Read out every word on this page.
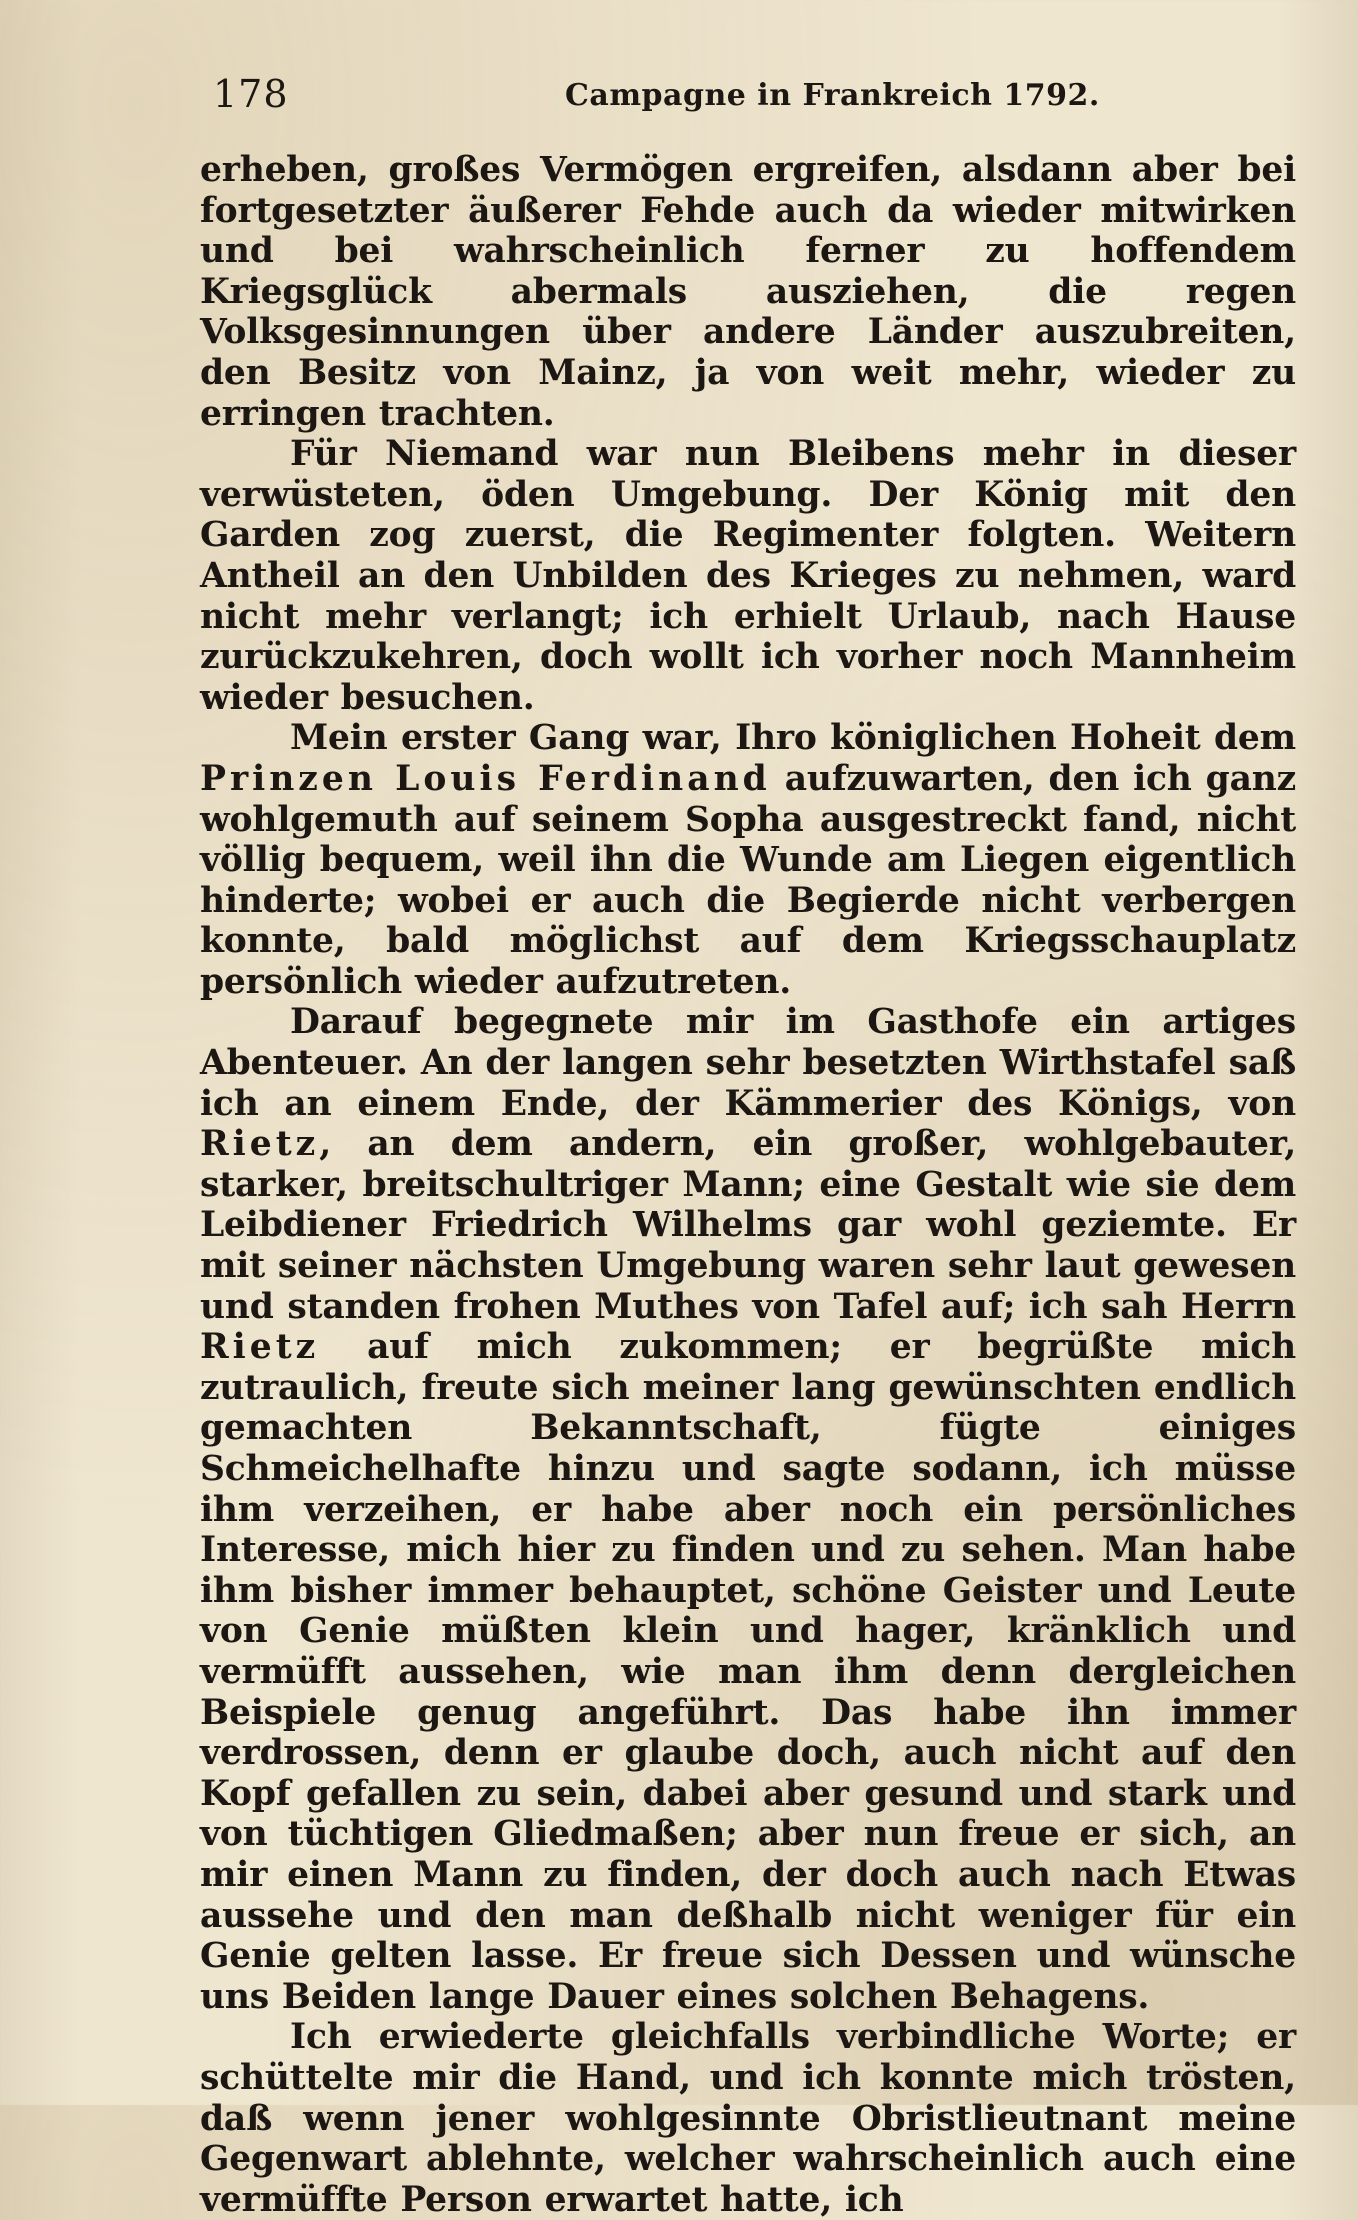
178	Campagne in Frankreich 1792.

erheben, großes Vermögen ergreifen, alsdann aber bei fortgesetzter äußerer Fehde auch da wieder mitwirken und bei wahrscheinlich ferner zu hoffendem Kriegsglück abermals ausziehen, die regen Volksgesinnungen über andere Länder auszubreiten, den Besitz von Mainz, ja von weit mehr, wieder zu erringen trachten.

Für Niemand war nun Bleibens mehr in dieser verwüsteten, öden Umgebung. Der König mit den Garden zog zuerst, die Regimenter folgten. Weitern Antheil an den Unbilden des Krieges zu nehmen, ward nicht mehr verlangt; ich erhielt Urlaub, nach Hause zurückzukehren, doch wollt ich vorher noch Mannheim wieder besuchen.

Mein erster Gang war, Ihro königlichen Hoheit dem Prinzen Louis Ferdinand aufzuwarten, den ich ganz wohlgemuth auf seinem Sopha ausgestreckt fand, nicht völlig bequem, weil ihn die Wunde am Liegen eigentlich hinderte; wobei er auch die Begierde nicht verbergen konnte, bald möglichst auf dem Kriegsschauplatz persönlich wieder aufzutreten.

Darauf begegnete mir im Gasthofe ein artiges Abenteuer. An der langen sehr besetzten Wirthstafel saß ich an einem Ende, der Kämmerier des Königs, von Rietz, an dem andern, ein großer, wohlgebauter, starker, breitschultriger Mann; eine Gestalt wie sie dem Leibdiener Friedrich Wilhelms gar wohl geziemte. Er mit seiner nächsten Umgebung waren sehr laut gewesen und standen frohen Muthes von Tafel auf; ich sah Herrn Rietz auf mich zukommen; er begrüßte mich zutraulich, freute sich meiner lang gewünschten endlich gemachten Bekanntschaft, fügte einiges Schmeichelhafte hinzu und sagte sodann, ich müsse ihm verzeihen, er habe aber noch ein persönliches Interesse, mich hier zu finden und zu sehen. Man habe ihm bisher immer behauptet, schöne Geister und Leute von Genie müßten klein und hager, kränklich und vermüfft aussehen, wie man ihm denn dergleichen Beispiele genug angeführt. Das habe ihn immer verdrossen, denn er glaube doch, auch nicht auf den Kopf gefallen zu sein, dabei aber gesund und stark und von tüchtigen Gliedmaßen; aber nun freue er sich, an mir einen Mann zu finden, der doch auch nach Etwas aussehe und den man deßhalb nicht weniger für ein Genie gelten lasse. Er freue sich Dessen und wünsche uns Beiden lange Dauer eines solchen Behagens.

Ich erwiederte gleichfalls verbindliche Worte; er schüttelte mir die Hand, und ich konnte mich trösten, daß wenn jener wohlgesinnte Obristlieutnant meine Gegenwart ablehnte, welcher wahrscheinlich auch eine vermüffte Person erwartet hatte, ich
